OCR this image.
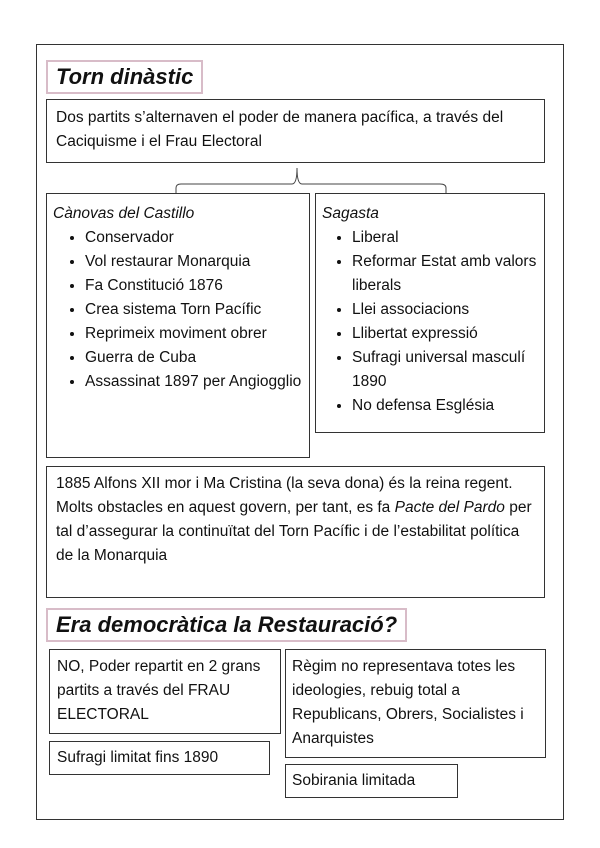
Torn dinàstic

Dos partits s’alternaven el poder de manera pacífica, a través del Caciquisme i el Frau Electoral

Cànovas del Castillo
• Conservador
• Vol restaurar Monarquia
• Fa Constitució 1876
• Crea sistema Torn Pacífic
• Reprimeix moviment obrer
• Guerra de Cuba
• Assassinat 1897 per Angiogglio
Sagasta
• Liberal
• Reformar Estat amb valors liberals
• Llei associacions
• Llibertat expressió
• Sufragi universal masculí 1890
• No defensa Església

1885 Alfons XII mor i Ma Cristina (la seva dona) és la reina regent. Molts obstacles en aquest govern, per tant, es fa Pacte del Pardo per tal d’assegurar la continuïtat del Torn Pacífic i de l’estabilitat política de la Monarquia

Era democràtica la Restauració?

NO, Poder repartit en 2 grans partits a través del FRAU ELECTORAL

Règim no representava totes les ideologies, rebuig total a Republicans, Obrers, Socialistes i Anarquistes

Sufragi limitat fins 1890

Sobirania limitada
